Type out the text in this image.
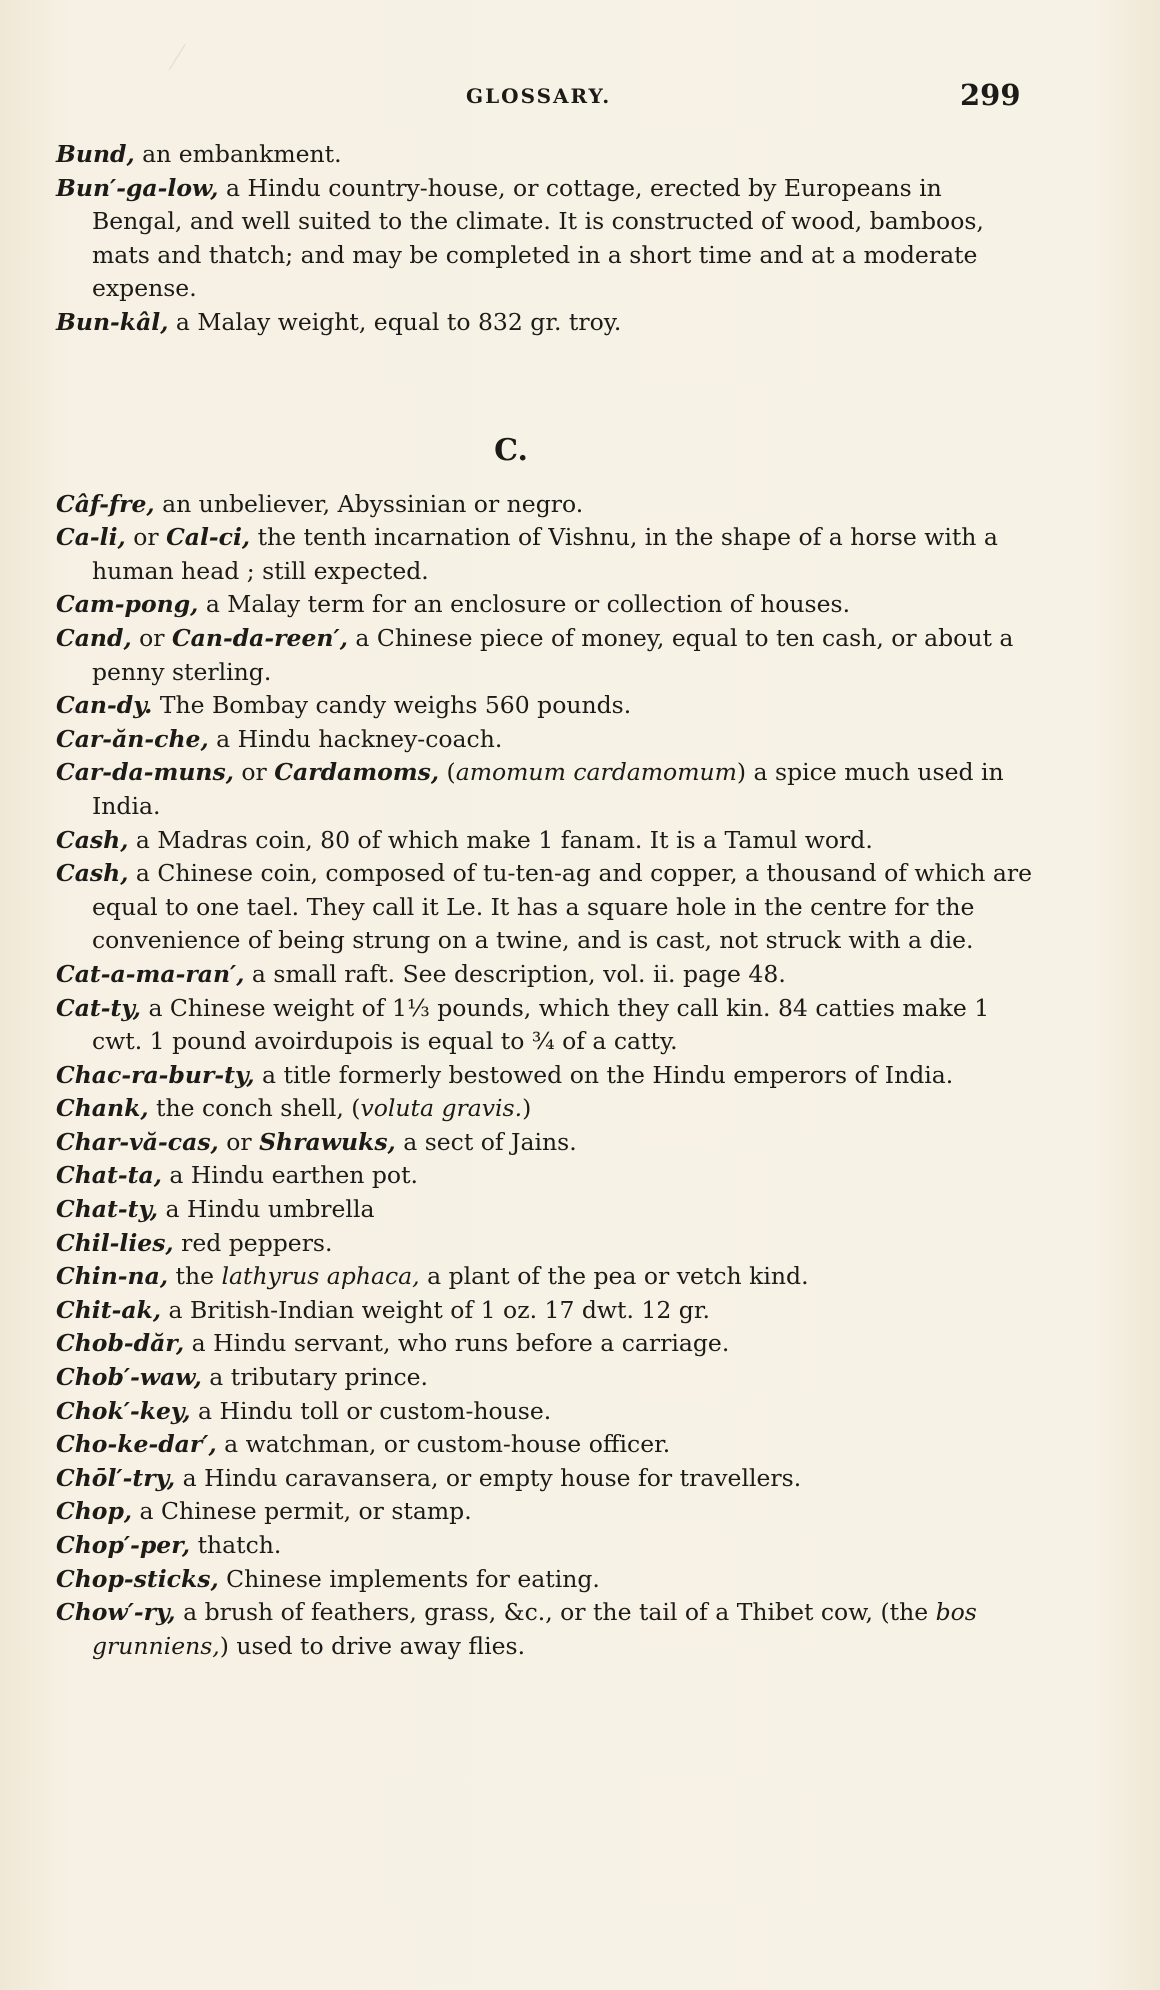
GLOSSARY.	299

Bund, an embankment.

Bun′-ga-low, a Hindu country-house, or cottage, erected by Europeans in Bengal, and well suited to the climate. It is constructed of wood, bamboos, mats and thatch; and may be completed in a short time and at a moderate expense.

Bun-kâl, a Malay weight, equal to 832 gr. troy.

C.

Câf-fre, an unbeliever, Abyssinian or negro.

Ca-li, or Cal-ci, the tenth incarnation of Vishnu, in the shape of a horse with a human head ; still expected.

Cam-pong, a Malay term for an enclosure or collection of houses.

Cand, or Can-da-reen′, a Chinese piece of money, equal to ten cash, or about a penny sterling.

Can-dy. The Bombay candy weighs 560 pounds.

Car-ăn-che, a Hindu hackney-coach.

Car-da-muns, or Cardamoms, (amomum cardamomum) a spice much used in India.

Cash, a Madras coin, 80 of which make 1 fanam. It is a Tamul word.

Cash, a Chinese coin, composed of tu-ten-ag and copper, a thousand of which are equal to one tael. They call it Le. It has a square hole in the centre for the convenience of being strung on a twine, and is cast, not struck with a die.

Cat-a-ma-ran′, a small raft. See description, vol. ii. page 48.

Cat-ty, a Chinese weight of 1⅓ pounds, which they call kin. 84 catties make 1 cwt. 1 pound avoirdupois is equal to ¾ of a catty.

Chac-ra-bur-ty, a title formerly bestowed on the Hindu emperors of India.

Chank, the conch shell, (voluta gravis.)

Char-vă-cas, or Shrawuks, a sect of Jains.

Chat-ta, a Hindu earthen pot.

Chat-ty, a Hindu umbrella

Chil-lies, red peppers.

Chin-na, the lathyrus aphaca, a plant of the pea or vetch kind.

Chit-ak, a British-Indian weight of 1 oz. 17 dwt. 12 gr.

Chob-dăr, a Hindu servant, who runs before a carriage.

Chob′-waw, a tributary prince.

Chok′-key, a Hindu toll or custom-house.

Cho-ke-dar′, a watchman, or custom-house officer.

Chōl′-try, a Hindu caravansera, or empty house for travellers.

Chop, a Chinese permit, or stamp.

Chop′-per, thatch.

Chop-sticks, Chinese implements for eating.

Chow′-ry, a brush of feathers, grass, &c., or the tail of a Thibet cow, (the bos grunniens,) used to drive away flies.
